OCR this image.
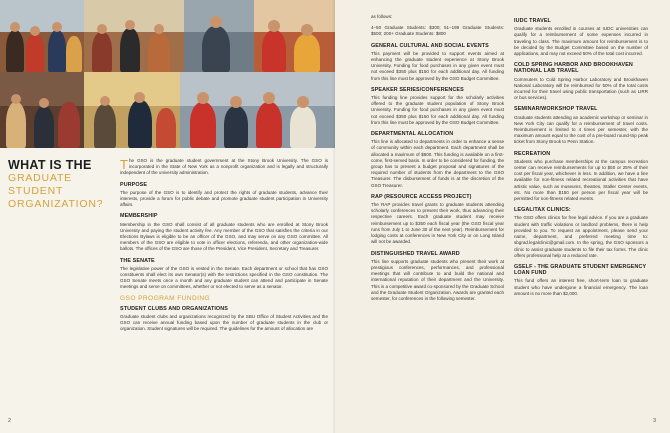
WHAT IS THE
GRADUATE
STUDENT
ORGANIZATION?

The GSO is the graduate student government at the Stony Brook University. The GSO is incorporated in the State of New York as a nonprofit organization and is legally and structurally independent of the university administration.

PURPOSE

The purpose of the GSO is to identify and protect the rights of graduate students, advance their interests, provide a forum for public debate and promote graduate student participation in University affairs.

MEMBERSHIP

Membership in the GSO shall consist of all graduate students who are enrolled at Stony Brook University and paying the student activity fee. Any member of the GSO that satisfies the criteria in our Elections Bylaws is eligible to be an officer of the GSO, and may serve on any GSO committee. All members of the GSO are eligible to vote in officer elections, referenda, and other organization-wide ballots. The offices of the GSO are those of the President, Vice President, Secretary and Treasurer.

THE SENATE

The legislative power of the GSO is vested in the Senate. Each department or school that has GSO constituents shall elect its own Senator(s) with the restrictions specified in the GSO constitution. The GSO Senate meets once a month and any graduate student can attend and participate in Senate meetings and serve on committees, whether or not elected to serve as a senator.

GSO PROGRAM FUNDING
STUDENT CLUBS AND ORGANIZATIONS

Graduate student clubs and organizations recognized by the SBU Office of Student Activities and the GSO can receive annual funding based upon the number of graduate students in the club or organization. Student signatures will be required. The guidelines for the amount of allocation are

2	3

as follows:

4–50 Graduate Students: $300; 51–199 Graduate Students: $500; 200+ Graduate Students: $800

GENERAL CULTURAL AND SOCIAL EVENTS

This payment will be provided to support events aimed at enhancing the graduate student experience at Stony Brook University. Funding for food purchases in any given event must not exceed $350 plus $150 for each additional day. All funding from this line must be approved by the GSO Budget Committee.

SPEAKER SERIES/CONFERENCES

This funding line provides support for the scholarly activities offered to the graduate student population of Stony Brook University. Funding for food purchases in any given event must not exceed $350 plus $150 for each additional day. All funding from this line must be approved by the GSO Budget Committee.

DEPARTMENTAL ALLOCATION

This line is allocated to departments in order to enhance a sense of community within each department. Each department shall be allocated a maximum of $800. This funding is available on a first-come, first-served basis. In order to be considered for funding, the group has to present a budget proposal and signatures of the required number of students from the department to the GSO Treasurer. The disbursement of funds is at the discretion of the GSO Treasurer.

RAP (RESOURCE ACCESS PROJECT)

The RAP provides travel grants to graduate students attending scholarly conferences to present their work, thus advancing their respective careers. Each graduate student may receive reimbursement up to $350 each fiscal year (the GSO fiscal year runs from July 1 to June 30 of the next year). Reimbursement for lodging costs at conferences in New York City or on Long Island will not be awarded.

DISTINGUISHED TRAVEL AWARD

This line supports graduate students who present their work at prestigious conferences, performances, and professional meetings that will contribute to and build the national and international reputation of their department and the University. This is a competitive award co-sponsored by the Graduate School and the Graduate Student Organization. Awards are granted each semester, for conferences in the following semester.

IUDC TRAVEL

Graduate students enrolled in courses at IUDC universities can qualify for a reimbursement of some expenses incurred in traveling to class. The maximum amount for reimbursement is to be decided by the Budget Committee based on the number of applications, and may not exceed 50% of the total cost incurred.

COLD SPRING HARBOR AND BROOKHAVEN NATIONAL LAB TRAVEL

Commuters to Cold Spring Harbor Laboratory and Brookhaven National Laboratory will be reimbursed for 50% of the total costs incurred for their travel using public transportation (such as LIRR or bus services).

SEMINAR/WORKSHOP TRAVEL

Graduate students attending an academic workshop or seminar in New York City can qualify for a reimbursement of travel costs. Reimbursement is limited to 4 times per semester, with the maximum amount equal to the cost of a pre-board round-trip peak ticket from Stony Brook to Penn Station.

RECREATION

Students who purchase memberships at the campus recreation center can receive reimbursements for up to $50 or 25% of their cost per fiscal year, whichever is less. In addition, we have a line available for non-fitness related recreational activities that have artistic value, such as museums, theatres, Staller Center events, etc. No more than $150 per person per fiscal year will be permitted for non-fitness related events.

LEGAL/TAX CLINICS:

The GSO offers clinics for free legal advice. If you are a graduate student with traffic violations or landlord problems, there is help provided to you. To request an appointment, please send your name, department, and preferred meeting time to: sbgrad.legalclinic@gmail.com. In the spring, the GSO sponsors a clinic to assist graduate students to file their tax forms. The clinic offers professional help at a reduced rate.

GSELF - THE GRADUATE STUDENT EMERGENCY LOAN FUND

This fund offers an interest free, short-term loan to graduate student who have undergone a financial emergency. The loan amount is no more than $2,000.
